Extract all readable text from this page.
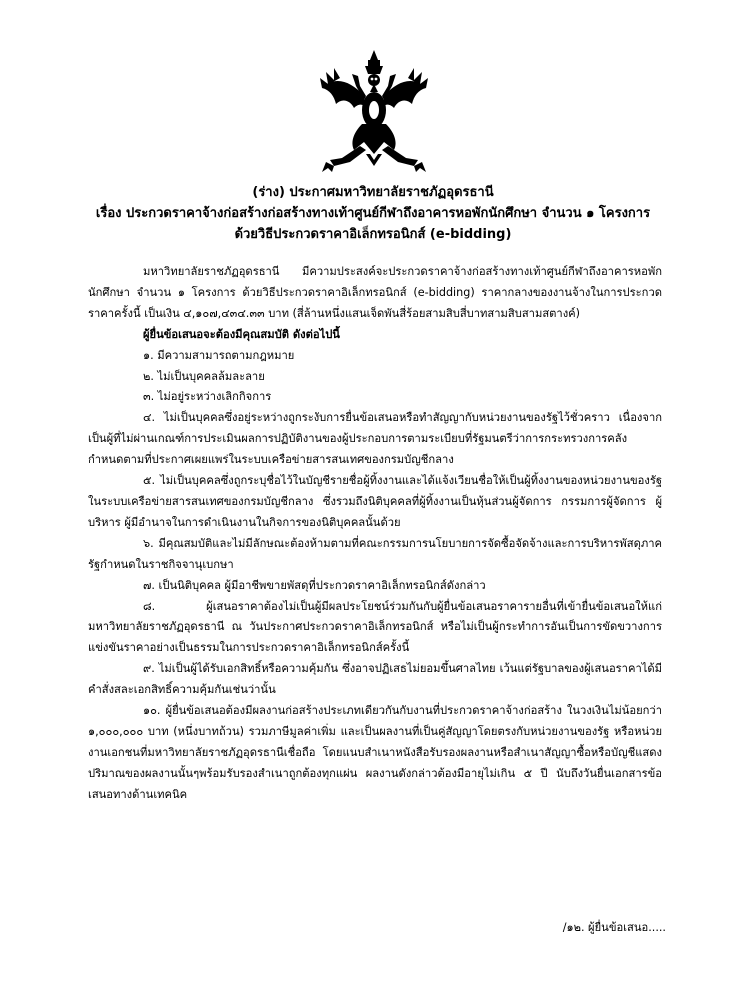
(ร่าง) ประกาศมหาวิทยาลัยราชภัฏอุดรธานี
เรื่อง ประกวดราคาจ้างก่อสร้างก่อสร้างทางเท้าศูนย์กีฬาถึงอาคารหอพักนักศึกษา จำนวน ๑ โครงการ
ด้วยวิธีประกวดราคาอิเล็กทรอนิกส์ (e-bidding)

มหาวิทยาลัยราชภัฏอุดรธานี มีความประสงค์จะประกวดราคาจ้างก่อสร้างทางเท้าศูนย์กีฬาถึงอาคารหอพักนักศึกษา จำนวน ๑ โครงการ ด้วยวิธีประกวดราคาอิเล็กทรอนิกส์ (e-bidding) ราคากลางของงานจ้างในการประกวดราคาครั้งนี้ เป็นเงิน ๔,๑๐๗,๔๓๔.๓๓ บาท (สี่ล้านหนึ่งแสนเจ็ดพันสี่ร้อยสามสิบสี่บาทสามสิบสามสตางค์)

ผู้ยื่นข้อเสนอจะต้องมีคุณสมบัติ ดังต่อไปนี้

๑. มีความสามารถตามกฎหมาย

๒. ไม่เป็นบุคคลล้มละลาย

๓. ไม่อยู่ระหว่างเลิกกิจการ

๔. ไม่เป็นบุคคลซึ่งอยู่ระหว่างถูกระงับการยื่นข้อเสนอหรือทำสัญญากับหน่วยงานของรัฐไว้ชั่วคราว เนื่องจากเป็นผู้ที่ไม่ผ่านเกณฑ์การประเมินผลการปฏิบัติงานของผู้ประกอบการตามระเบียบที่รัฐมนตรีว่าการกระทรวงการคลังกำหนดตามที่ประกาศเผยแพร่ในระบบเครือข่ายสารสนเทศของกรมบัญชีกลาง

๕. ไม่เป็นบุคคลซึ่งถูกระบุชื่อไว้ในบัญชีรายชื่อผู้ทิ้งงานและได้แจ้งเวียนชื่อให้เป็นผู้ทิ้งงานของหน่วยงานของรัฐในระบบเครือข่ายสารสนเทศของกรมบัญชีกลาง ซึ่งรวมถึงนิติบุคคลที่ผู้ทิ้งงานเป็นหุ้นส่วนผู้จัดการ กรรมการผู้จัดการ ผู้บริหาร ผู้มีอำนาจในการดำเนินงานในกิจการของนิติบุคคลนั้นด้วย

๖. มีคุณสมบัติและไม่มีลักษณะต้องห้ามตามที่คณะกรรมการนโยบายการจัดซื้อจัดจ้างและการบริหารพัสดุภาครัฐกำหนดในราชกิจจานุเบกษา

๗. เป็นนิติบุคคล ผู้มีอาชีพขายพัสดุที่ประกวดราคาอิเล็กทรอนิกส์ดังกล่าว

๘. ผู้เสนอราคาต้องไม่เป็นผู้มีผลประโยชน์ร่วมกันกับผู้ยื่นข้อเสนอราคารายอื่นที่เข้ายื่นข้อเสนอให้แก่มหาวิทยาลัยราชภัฏอุดรธานี ณ วันประกาศประกวดราคาอิเล็กทรอนิกส์ หรือไม่เป็นผู้กระทำการอันเป็นการขัดขวางการแข่งขันราคาอย่างเป็นธรรมในการประกวดราคาอิเล็กทรอนิกส์ครั้งนี้

๙. ไม่เป็นผู้ได้รับเอกสิทธิ์หรือความคุ้มกัน ซึ่งอาจปฏิเสธไม่ยอมขึ้นศาลไทย เว้นแต่รัฐบาลของผู้เสนอราคาได้มีคำสั่งสละเอกสิทธิ์ความคุ้มกันเช่นว่านั้น

๑๐. ผู้ยื่นข้อเสนอต้องมีผลงานก่อสร้างประเภทเดียวกันกับงานที่ประกวดราคาจ้างก่อสร้าง ในวงเงินไม่น้อยกว่า ๑,๐๐๐,๐๐๐ บาท (หนึ่งบาทถ้วน) รวมภาษีมูลค่าเพิ่ม และเป็นผลงานที่เป็นคู่สัญญาโดยตรงกับหน่วยงานของรัฐ หรือหน่วยงานเอกชนที่มหาวิทยาลัยราชภัฏอุดรธานีเชื่อถือ โดยแนบสำเนาหนังสือรับรองผลงานหรือสำเนาสัญญาซื้อหรือบัญชีแสดงปริมาณของผลงานนั้นๆพร้อมรับรองสำเนาถูกต้องทุกแผ่น ผลงานดังกล่าวต้องมีอายุไม่เกิน ๕ ปี นับถึงวันยื่นเอกสารข้อเสนอทางด้านเทคนิค

/๑๒. ผู้ยื่นข้อเสนอ.....
